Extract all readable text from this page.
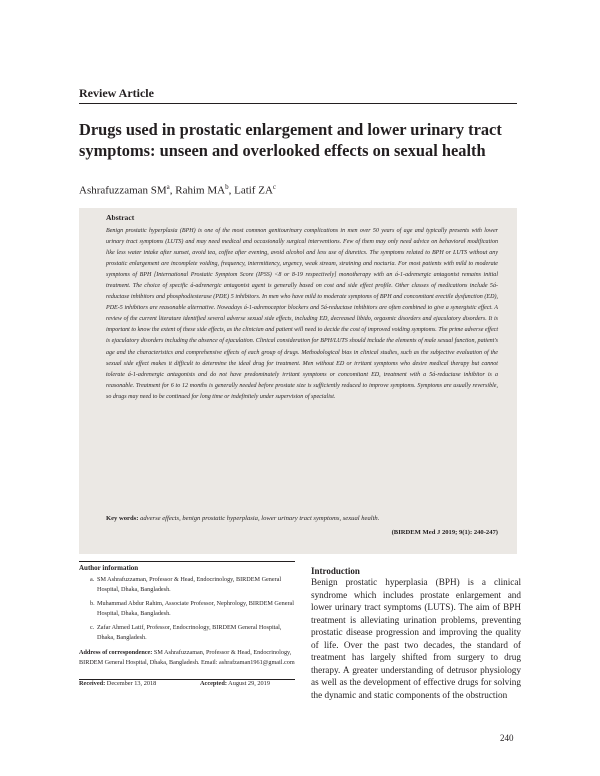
Review Article
Drugs used in prostatic enlargement and lower urinary tract symptoms: unseen and overlooked effects on sexual health
Ashrafuzzaman $SM^a$, Rahim $MA^b$, Latif $ZA^c$
Abstract
Benign prostatic hyperplasia (BPH) is one of the most common genitourinary complications in men over 50 years of age and typically presents with lower urinary tract symptoms (LUTS) and may need medical and occasionally surgical interventions. Few of them may only need advice on behavioral modification like less water intake after sunset, avoid tea, coffee after evening, avoid alcohol and less use of diuretics. The symptoms related to BPH or LUTS without any prostatic enlargement are incomplete voiding, frequency, intermittency, urgency, weak stream, straining and nocturia. For most patients with mild to moderate symptoms of BPH [International Prostatic Symptom Score (IPSS) <8 or 8-19 respectively] monotherapy with an á-1-adrenergic antagonist remains initial treatment. The choice of specific á-adrenergic antagonist agent is generally based on cost and side effect profile. Other classes of medications include 5á-reductase inhibitors and phosphodiesterase (PDE) 5 inhibitors. In men who have mild to moderate symptoms of BPH and concomitant erectile dysfunction (ED), PDE-5 inhibitors are reasonable alternative. Nowadays á-1-adrenoceptor blockers and 5á-reductase inhibitors are often combined to give a synergistic effect. A review of the current literature identified several adverse sexual side effects, including ED, decreased libido, orgasmic disorders and ejaculatory disorders. It is important to know the extent of these side effects, as the clinician and patient will need to decide the cost of improved voiding symptoms. The prime adverse effect is ejaculatory disorders including the absence of ejaculation. Clinical consideration for BPH/LUTS should include the elements of male sexual function, patient's age and the characteristics and comprehensive effects of each group of drugs. Methodological bias in clinical studies, such as the subjective evaluation of the sexual side effect makes it difficult to determine the ideal drug for treatment. Men without ED or irritant symptoms who desire medical therapy but cannot tolerate á-1-adrenergic antagonists and do not have predominately irritant symptoms or concomitant ED, treatment with a 5á-reductase inhibitor is a reasonable. Treatment for 6 to 12 months is generally needed before prostate size is sufficiently reduced to improve symptoms. Symptoms are usually reversible, so drugs may need to be continued for long time or indefinitely under supervision of specialist.
Key words: adverse effects, benign prostatic hyperplasia, lower urinary tract symptoms, sexual health.
(BIRDEM Med J 2019; 9(1): 240-247)
Author information
a. SM Ashrafuzzaman, Professor & Head, Endocrinology, BIRDEM General Hospital, Dhaka, Bangladesh.
b. Muhammad Abdur Rahim, Associate Professor, Nephrology, BIRDEM General Hospital, Dhaka, Bangladesh.
c. Zafar Ahmed Latif, Professor, Endocrinology, BIRDEM General Hospital, Dhaka, Bangladesh.
Address of correspondence: SM Ashrafuzzaman, Professor & Head, Endocrinology, BIRDEM General Hospital, Dhaka, Bangladesh. Email: ashrafzaman1961@gmail.com
Received: December 13, 2018	Accepted: August 29, 2019
Introduction
Benign prostatic hyperplasia (BPH) is a clinical syndrome which includes prostate enlargement and lower urinary tract symptoms (LUTS). The aim of BPH treatment is alleviating urination problems, preventing prostatic disease progression and improving the quality of life. Over the past two decades, the standard of treatment has largely shifted from surgery to drug therapy. A greater understanding of detrusor physiology as well as the development of effective drugs for solving the dynamic and static components of the obstruction
240
